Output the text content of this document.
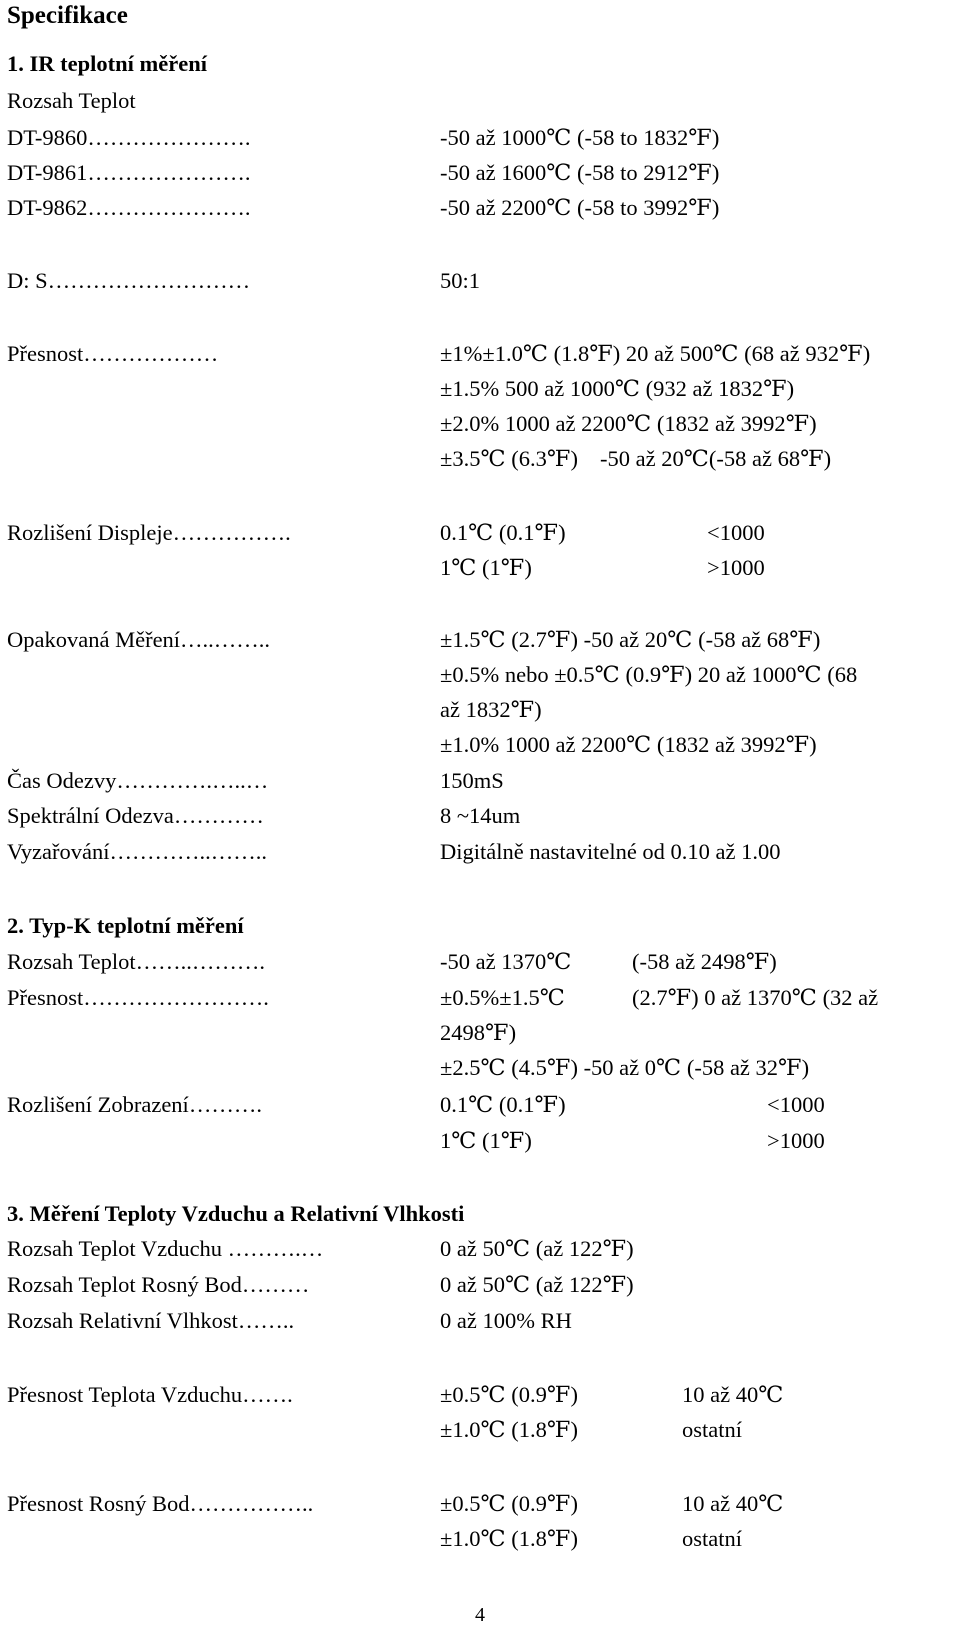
Specifikace
1. IR teplotní měření
Rozsah Teplot
DT-9860………………….	-50 až 1000℃ (-58 to 1832℉)
DT-9861………………….	-50 až 1600℃ (-58 to 2912℉)
DT-9862………………….	-50 až 2200℃ (-58 to 3992℉)
D: S………………………	50:1
Přesnost………………	±1%±1.0℃ (1.8℉) 20 až 500℃ (68 až 932℉)
±1.5% 500 až 1000℃ (932 až 1832℉)
±2.0% 1000 až 2200℃ (1832 až 3992℉)
±3.5℃ (6.3℉) -50 až 20℃(-58 až 68℉)
Rozlišení Displeje…………….	0.1℃ (0.1℉)	<1000
1℃ (1℉)	>1000
Opakovaná Měření…..……..	±1.5℃ (2.7℉) -50 až 20℃ (-58 až 68℉)
±0.5% nebo ±0.5℃ (0.9℉) 20 až 1000℃ (68
až 1832℉)
±1.0% 1000 až 2200℃ (1832 až 3992℉)
Čas Odezvy………….…..…	150mS
Spektrální Odezva…………	8 ~14um
Vyzařování…………..……..	Digitálně nastavitelné od 0.10 až 1.00
2. Typ-K teplotní měření
Rozsah Teplot……..……….	-50 až 1370℃	(-58 až 2498℉)
Přesnost…………………….	±0.5%±1.5℃	(2.7℉) 0 až 1370℃ (32 až
2498℉)
±2.5℃ (4.5℉) -50 až 0℃ (-58 až 32℉)
Rozlišení Zobrazení……….	0.1℃ (0.1℉)	<1000
1℃ (1℉)	>1000
3. Měření Teploty Vzduchu a Relativní Vlhkosti
Rozsah Teplot Vzduchu ……….…	0 až 50℃ (až 122℉)
Rozsah Teplot Rosný Bod………	0 až 50℃ (až 122℉)
Rozsah Relativní Vlhkost……..	0 až 100% RH
Přesnost Teplota Vzduchu…….	±0.5℃ (0.9℉)	10 až 40℃
±1.0℃ (1.8℉)	ostatní
Přesnost Rosný Bod……………..	±0.5℃ (0.9℉)	10 až 40℃
±1.0℃ (1.8℉)	ostatní
4
